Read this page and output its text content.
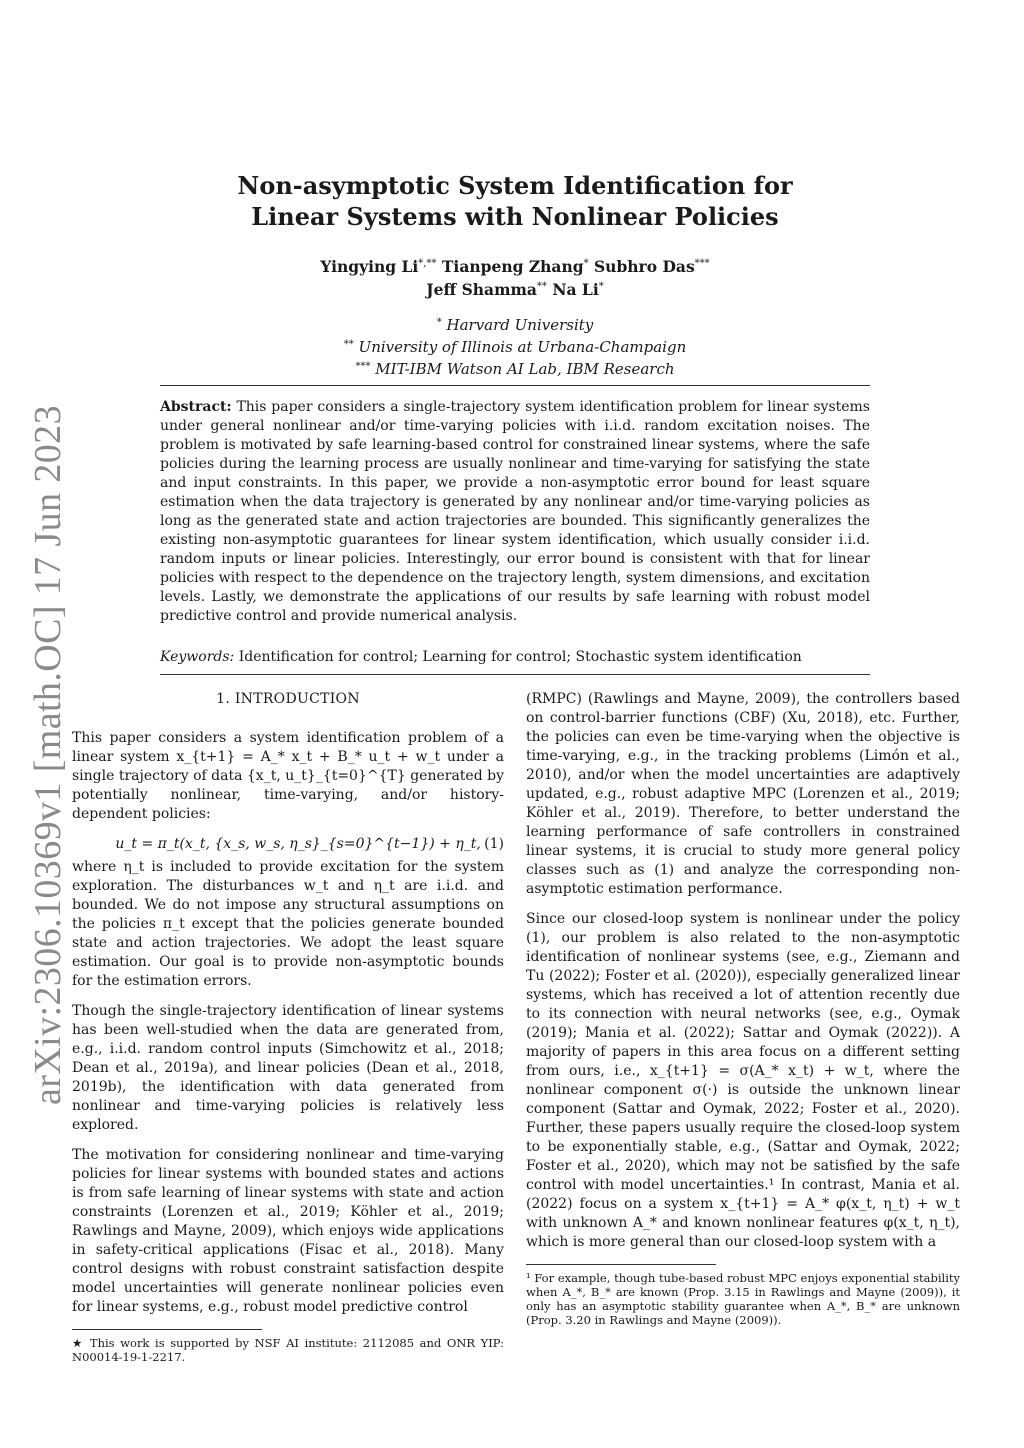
arXiv:2306.10369v1 [math.OC] 17 Jun 2023
Non-asymptotic System Identification for
Linear Systems with Nonlinear Policies
Yingying Li*,** Tianpeng Zhang* Subhro Das***
Jeff Shamma** Na Li*
* Harvard University
** University of Illinois at Urbana-Champaign
*** MIT-IBM Watson AI Lab, IBM Research
Abstract: This paper considers a single-trajectory system identification problem for linear systems under general nonlinear and/or time-varying policies with i.i.d. random excitation noises. The problem is motivated by safe learning-based control for constrained linear systems, where the safe policies during the learning process are usually nonlinear and time-varying for satisfying the state and input constraints. In this paper, we provide a non-asymptotic error bound for least square estimation when the data trajectory is generated by any nonlinear and/or time-varying policies as long as the generated state and action trajectories are bounded. This significantly generalizes the existing non-asymptotic guarantees for linear system identification, which usually consider i.i.d. random inputs or linear policies. Interestingly, our error bound is consistent with that for linear policies with respect to the dependence on the trajectory length, system dimensions, and excitation levels. Lastly, we demonstrate the applications of our results by safe learning with robust model predictive control and provide numerical analysis.
Keywords: Identification for control; Learning for control; Stochastic system identification
1. INTRODUCTION

This paper considers a system identification problem of a linear system x_{t+1} = A_* x_t + B_* u_t + w_t under a single trajectory of data {x_t, u_t}_{t=0}^{T} generated by potentially nonlinear, time-varying, and/or history-dependent policies:

u_t = π_t(x_t, {x_s, w_s, η_s}_{s=0}^{t−1}) + η_t, (1)

where η_t is included to provide excitation for the system exploration. The disturbances w_t and η_t are i.i.d. and bounded. We do not impose any structural assumptions on the policies π_t except that the policies generate bounded state and action trajectories. We adopt the least square estimation. Our goal is to provide non-asymptotic bounds for the estimation errors.

Though the single-trajectory identification of linear systems has been well-studied when the data are generated from, e.g., i.i.d. random control inputs (Simchowitz et al., 2018; Dean et al., 2019a), and linear policies (Dean et al., 2018, 2019b), the identification with data generated from nonlinear and time-varying policies is relatively less explored.

The motivation for considering nonlinear and time-varying policies for linear systems with bounded states and actions is from safe learning of linear systems with state and action constraints (Lorenzen et al., 2019; Köhler et al., 2019; Rawlings and Mayne, 2009), which enjoys wide applications in safety-critical applications (Fisac et al., 2018). Many control designs with robust constraint satisfaction despite model uncertainties will generate nonlinear policies even for linear systems, e.g., robust model predictive control

★ This work is supported by NSF AI institute: 2112085 and ONR YIP: N00014-19-1-2217.

(RMPC) (Rawlings and Mayne, 2009), the controllers based on control-barrier functions (CBF) (Xu, 2018), etc. Further, the policies can even be time-varying when the objective is time-varying, e.g., in the tracking problems (Limón et al., 2010), and/or when the model uncertainties are adaptively updated, e.g., robust adaptive MPC (Lorenzen et al., 2019; Köhler et al., 2019). Therefore, to better understand the learning performance of safe controllers in constrained linear systems, it is crucial to study more general policy classes such as (1) and analyze the corresponding non-asymptotic estimation performance.

Since our closed-loop system is nonlinear under the policy (1), our problem is also related to the non-asymptotic identification of nonlinear systems (see, e.g., Ziemann and Tu (2022); Foster et al. (2020)), especially generalized linear systems, which has received a lot of attention recently due to its connection with neural networks (see, e.g., Oymak (2019); Mania et al. (2022); Sattar and Oymak (2022)). A majority of papers in this area focus on a different setting from ours, i.e., x_{t+1} = σ(A_* x_t) + w_t, where the nonlinear component σ(·) is outside the unknown linear component (Sattar and Oymak, 2022; Foster et al., 2020). Further, these papers usually require the closed-loop system to be exponentially stable, e.g., (Sattar and Oymak, 2022; Foster et al., 2020), which may not be satisfied by the safe control with model uncertainties.¹ In contrast, Mania et al. (2022) focus on a system x_{t+1} = A_* φ(x_t, η_t) + w_t with unknown A_* and known nonlinear features φ(x_t, η_t), which is more general than our closed-loop system with a

¹ For example, though tube-based robust MPC enjoys exponential stability when A_*, B_* are known (Prop. 3.15 in Rawlings and Mayne (2009)), it only has an asymptotic stability guarantee when A_*, B_* are unknown (Prop. 3.20 in Rawlings and Mayne (2009)).
